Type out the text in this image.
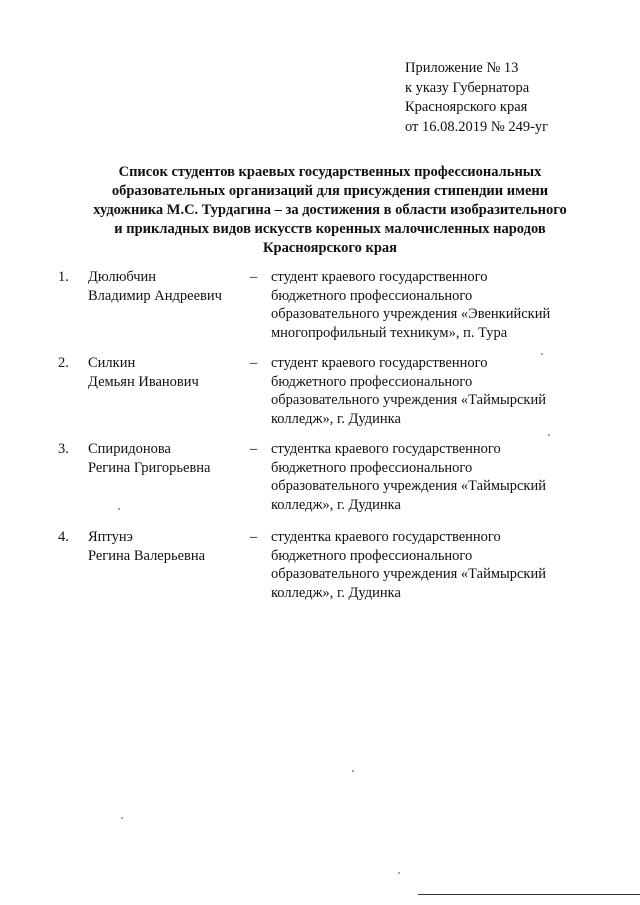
Приложение № 13
к указу Губернатора
Красноярского края
от 16.08.2019 № 249-уг
Список студентов краевых государственных профессиональных
образовательных организаций для присуждения стипендии имени
художника М.С. Турдагина – за достижения в области изобразительного
и прикладных видов искусств коренных малочисленных народов
Красноярского края
1. Дюлюбчин
Владимир Андреевич
– студент краевого государственного
бюджетного профессионального
образовательного учреждения «Эвенкийский
многопрофильный техникум», п. Тура
2. Силкин
Демьян Иванович
– студент краевого государственного
бюджетного профессионального
образовательного учреждения «Таймырский
колледж», г. Дудинка
3. Спиридонова
Регина Григорьевна
– студентка краевого государственного
бюджетного профессионального
образовательного учреждения «Таймырский
колледж», г. Дудинка
4. Яптунэ
Регина Валерьевна
– студентка краевого государственного
бюджетного профессионального
образовательного учреждения «Таймырский
колледж», г. Дудинка
